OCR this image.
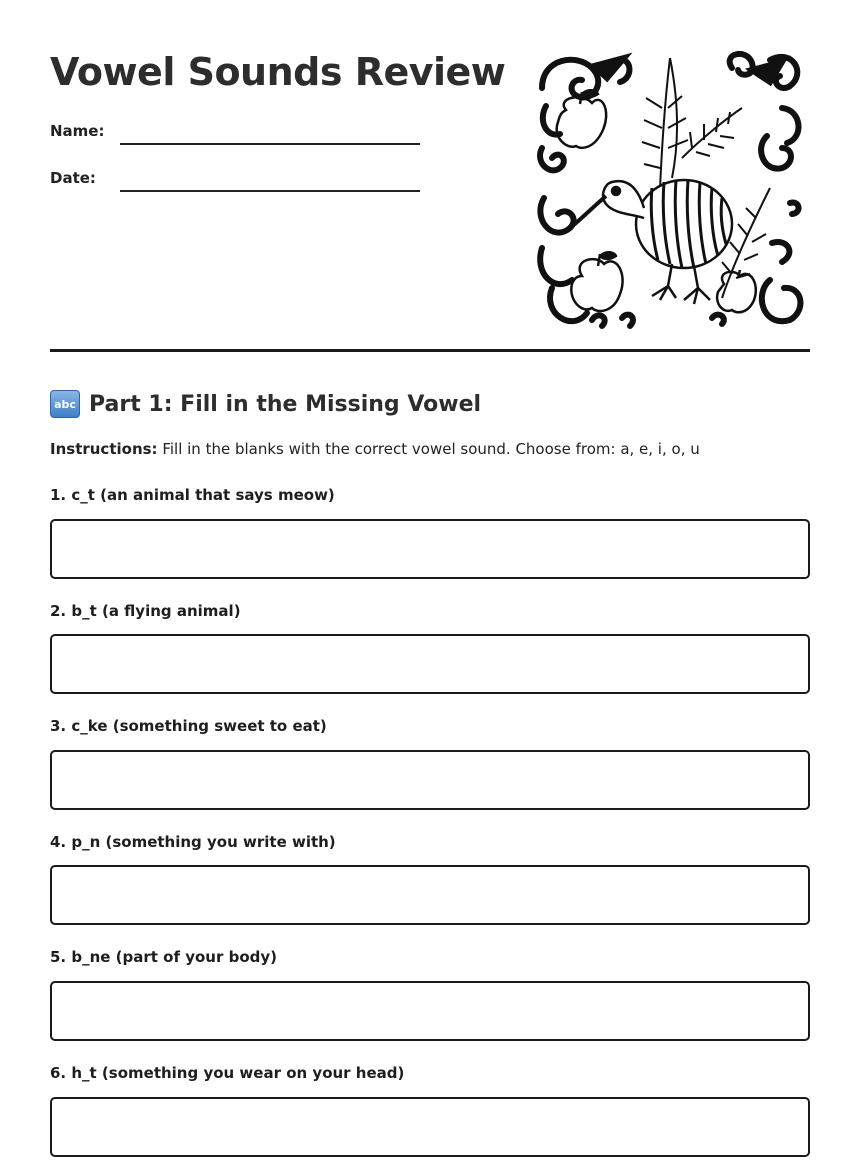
Vowel Sounds Review
Name:
Date:
abc Part 1: Fill in the Missing Vowel
Instructions: Fill in the blanks with the correct vowel sound. Choose from: a, e, i, o, u
1. c_t (an animal that says meow)
2. b_t (a flying animal)
3. c_ke (something sweet to eat)
4. p_n (something you write with)
5. b_ne (part of your body)
6. h_t (something you wear on your head)
